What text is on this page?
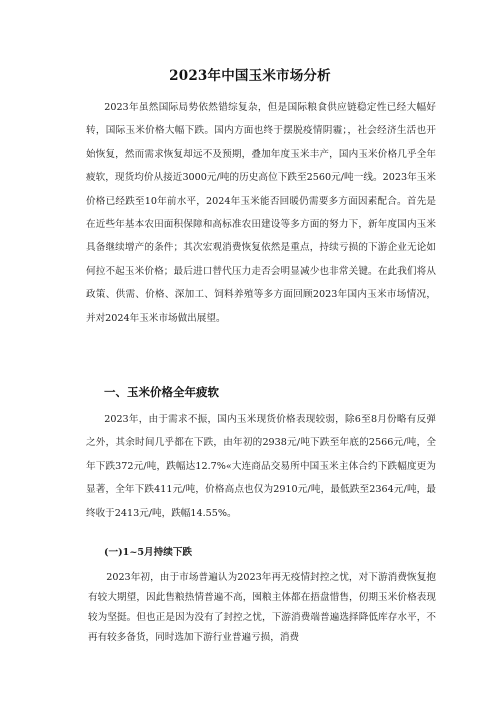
2023年中国玉米市场分析

2023年虽然国际局势依然错综复杂，但是国际粮食供应链稳定性已经大幅好转，国际玉米价格大幅下跌。国内方面也终于摆脱疫情阴霾；，社会经济生活也开始恢复，然而需求恢复却远不及预期，叠加年度玉米丰产，国内玉米价格几乎全年疲软，现货均价从接近3000元/吨的历史高位下跌至2560元/吨一线。2023年玉米价格已经跌至10年前水平，2024年玉米能否回暖仍需要多方面因素配合。首先是在近些年基本农田面积保障和高标准农田建设等多方面的努力下，新年度国内玉米具备继续增产的条件；其次宏观消费恢复依然是重点，持续亏损的下游企业无论如何拉不起玉米价格；最后进口替代压力走否会明显减少也非常关键。在此我们将从政策、供需、价格、深加工、饲料养殖等多方面回顾2023年国内玉米市场情况，并对2024年玉米市场做出展望。

一、玉米价格全年疲软

2023年，由于需求不振，国内玉米现货价格表现较弱，除6至8月份略有反弹之外，其余时间几乎都在下跌，由年初的2938元/吨下跌至年底的2566元/吨，全年下跌372元/吨，跌幅达12.7%«大连商品交易所中国玉米主体合约下跌幅度更为显著，全年下跌411元/吨，价格高点也仅为2910元/吨，最低跌至2364元/吨，最终收于2413元/吨，跌幅14.55%。

(一)1~5月持续下跌

2023年初，由于市场普遍认为2023年再无疫情封控之忧，对下游消费恢复抱有较大期望，因此售粮热情普遍不高，囤粮主体都在捂盘惜售，仞期玉米价格表现较为坚挺。但也正是因为没有了封控之忧，下游消费端普遍选择降低库存水平，不再有较多备货，同时选加下游行业普遍亏损，消费
